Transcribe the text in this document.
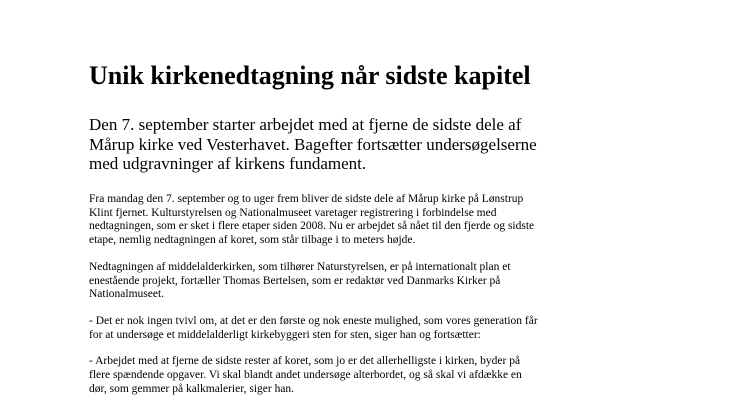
Unik kirkenedtagning når sidste kapitel
Den 7. september starter arbejdet med at fjerne de sidste dele af
Mårup kirke ved Vesterhavet. Bagefter fortsætter undersøgelserne
med udgravninger af kirkens fundament.
Fra mandag den 7. september og to uger frem bliver de sidste dele af Mårup kirke på Lønstrup
Klint fjernet. Kulturstyrelsen og Nationalmuseet varetager registrering i forbindelse med
nedtagningen, som er sket i flere etaper siden 2008. Nu er arbejdet så nået til den fjerde og sidste
etape, nemlig nedtagningen af koret, som står tilbage i to meters højde.
Nedtagningen af middelalderkirken, som tilhører Naturstyrelsen, er på internationalt plan et
enestående projekt, fortæller Thomas Bertelsen, som er redaktør ved Danmarks Kirker på
Nationalmuseet.
- Det er nok ingen tvivl om, at det er den første og nok eneste mulighed, som vores generation får
for at undersøge et middelalderligt kirkebyggeri sten for sten, siger han og fortsætter:
- Arbejdet med at fjerne de sidste rester af koret, som jo er det allerhelligste i kirken, byder på
flere spændende opgaver. Vi skal blandt andet undersøge alterbordet, og så skal vi afdække en
dør, som gemmer på kalkmalerier, siger han.
